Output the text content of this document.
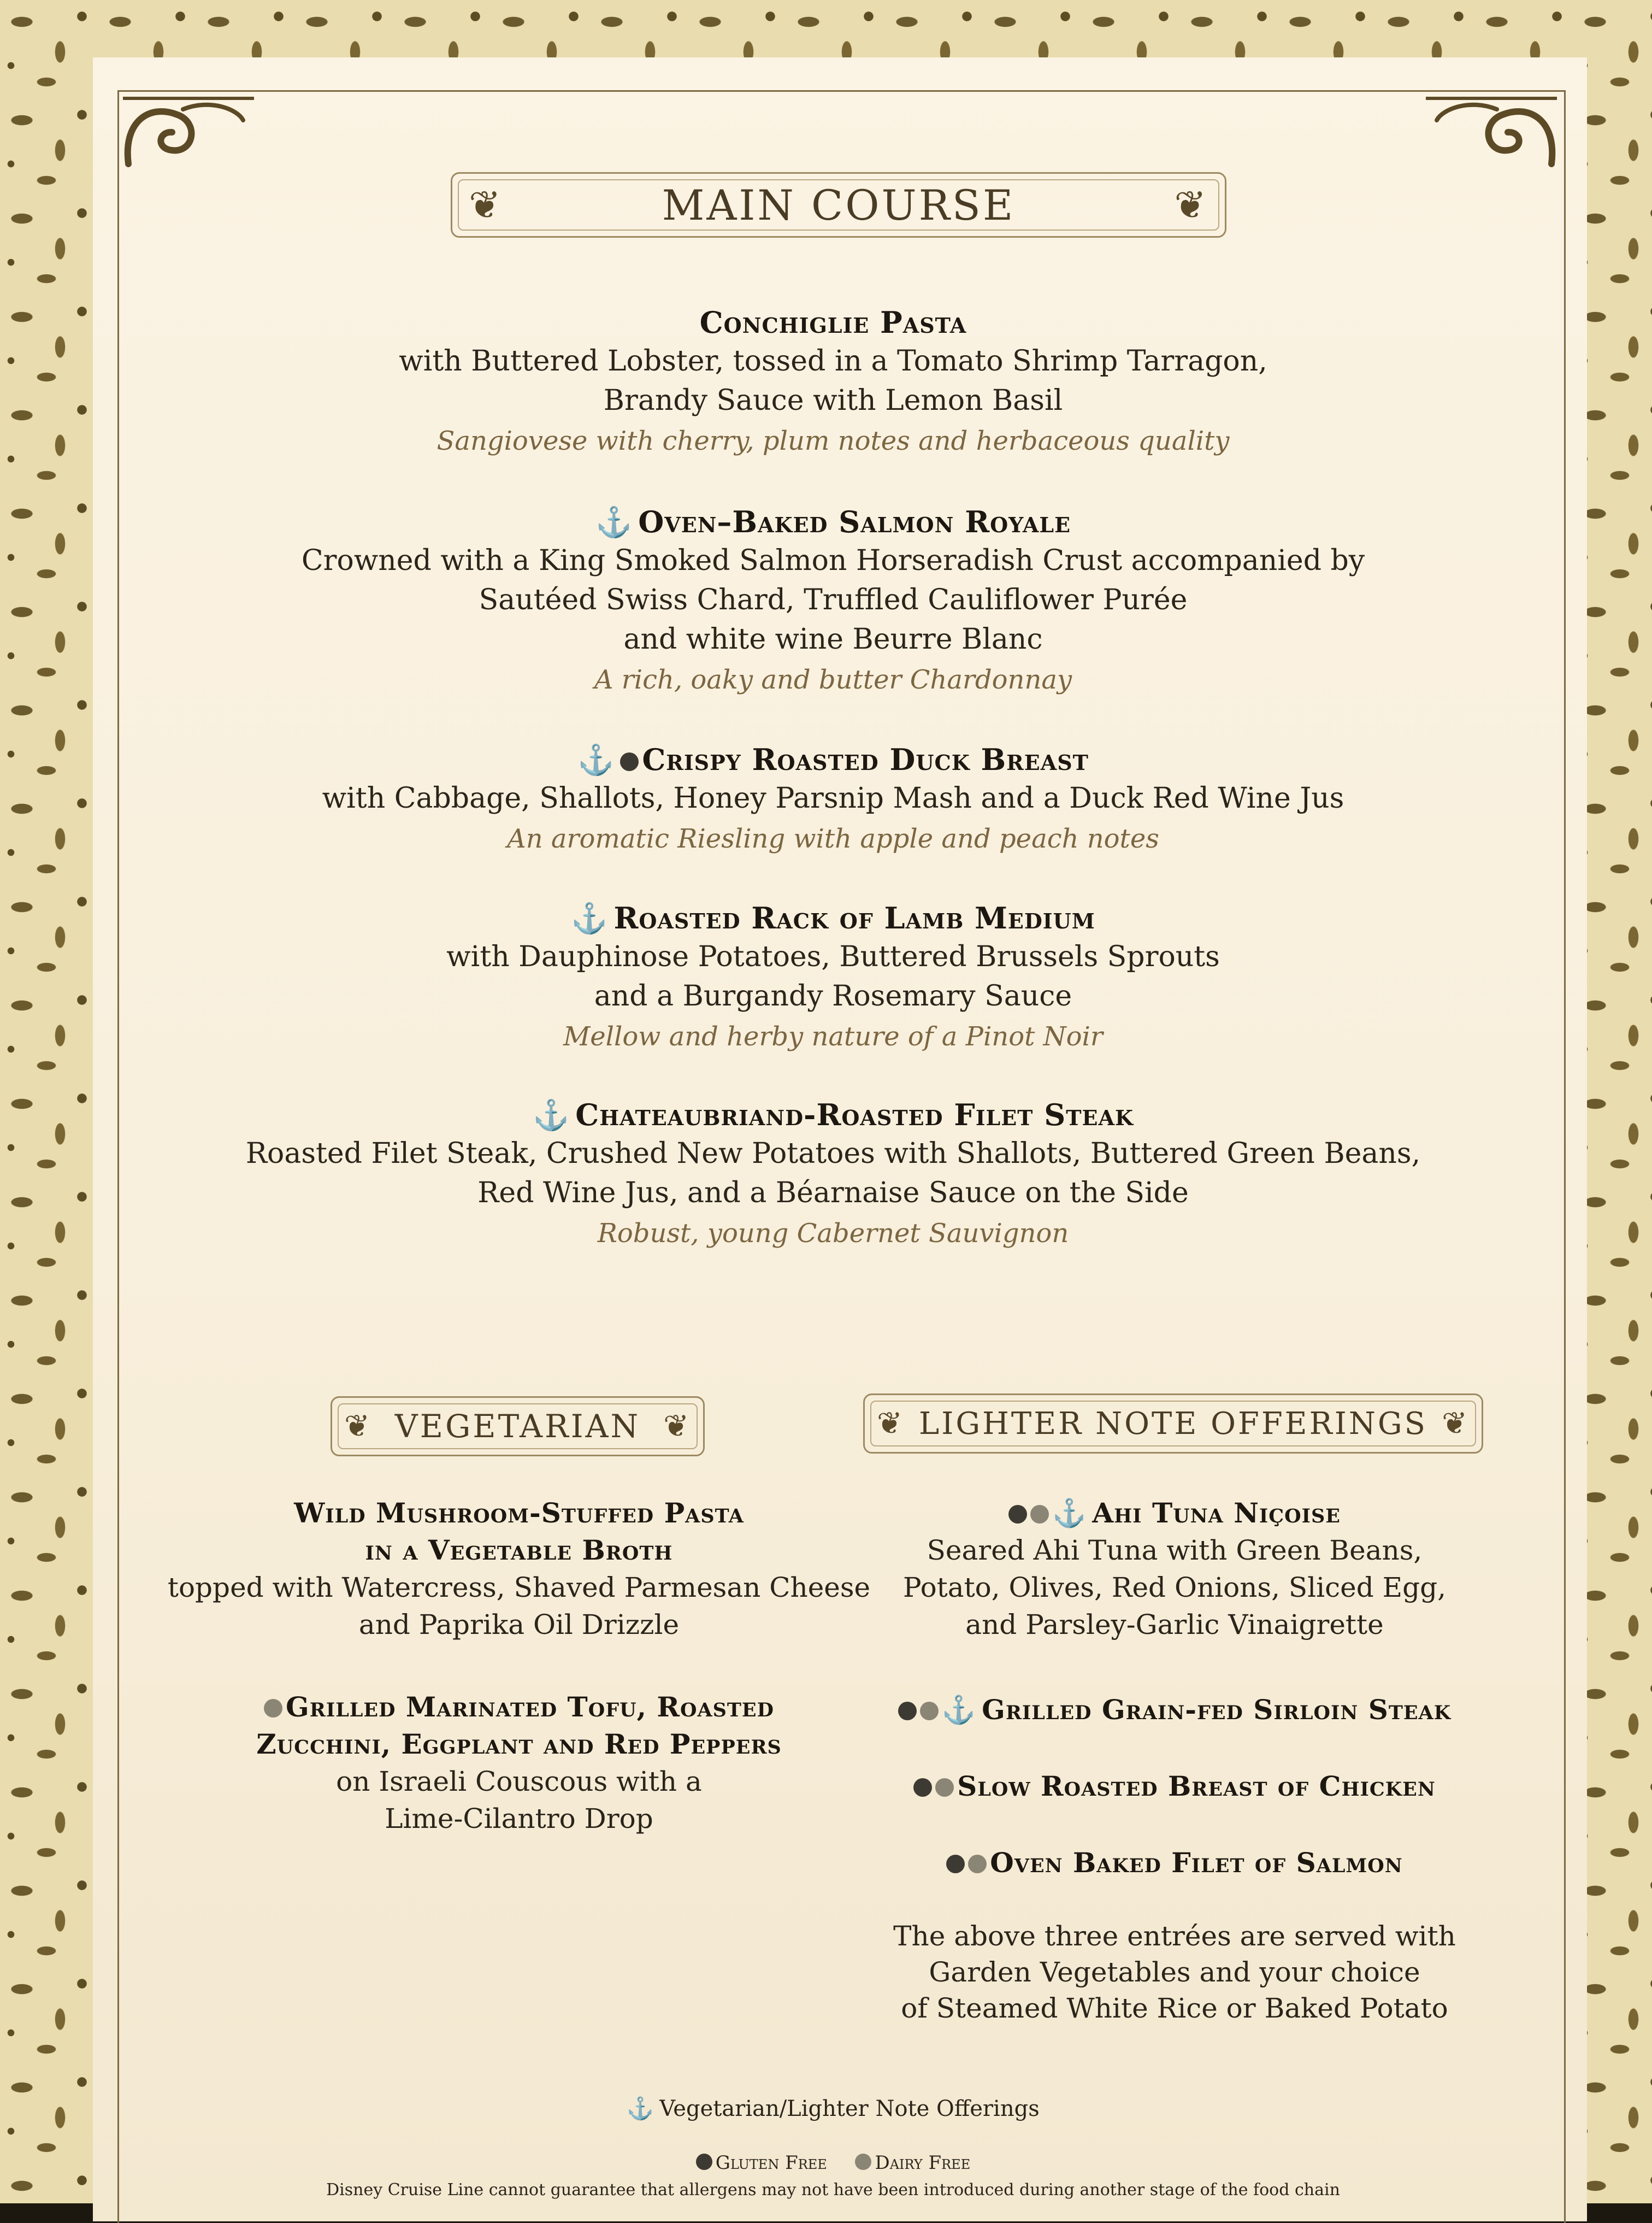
❦	MAIN COURSE	❦
Conchiglie Pasta
with Buttered Lobster, tossed in a Tomato Shrimp Tarragon,
Brandy Sauce with Lemon Basil
Sangiovese with cherry, plum notes and herbaceous quality
⚓ Oven–Baked Salmon Royale
Crowned with a King Smoked Salmon Horseradish Crust accompanied by
Sautéed Swiss Chard, Truffled Cauliflower Purée
and white wine Beurre Blanc
A rich, oaky and butter Chardonnay
⚓ Crispy Roasted Duck Breast
with Cabbage, Shallots, Honey Parsnip Mash and a Duck Red Wine Jus
An aromatic Riesling with apple and peach notes
⚓ Roasted Rack of Lamb Medium
with Dauphinose Potatoes, Buttered Brussels Sprouts
and a Burgandy Rosemary Sauce
Mellow and herby nature of a Pinot Noir
⚓ Chateaubriand-Roasted Filet Steak
Roasted Filet Steak, Crushed New Potatoes with Shallots, Buttered Green Beans,
Red Wine Jus, and a Béarnaise Sauce on the Side
Robust, young Cabernet Sauvignon
❦ VEGETARIAN ❦
Wild Mushroom-Stuffed Pasta
in a Vegetable Broth
topped with Watercress, Shaved Parmesan Cheese
and Paprika Oil Drizzle
Grilled Marinated Tofu, Roasted
Zucchini, Eggplant and Red Peppers
on Israeli Couscous with a
Lime-Cilantro Drop
❦ LIGHTER NOTE OFFERINGS ❦
⚓ Ahi Tuna Niçoise
Seared Ahi Tuna with Green Beans,
Potato, Olives, Red Onions, Sliced Egg,
and Parsley-Garlic Vinaigrette
⚓ Grilled Grain-fed Sirloin Steak
Slow Roasted Breast of Chicken
Oven Baked Filet of Salmon
The above three entrées are served with
Garden Vegetables and your choice
of Steamed White Rice or Baked Potato
⚓ Vegetarian/Lighter Note Offerings
Gluten Free	Dairy Free
Disney Cruise Line cannot guarantee that allergens may not have been introduced during another stage of the food chain
